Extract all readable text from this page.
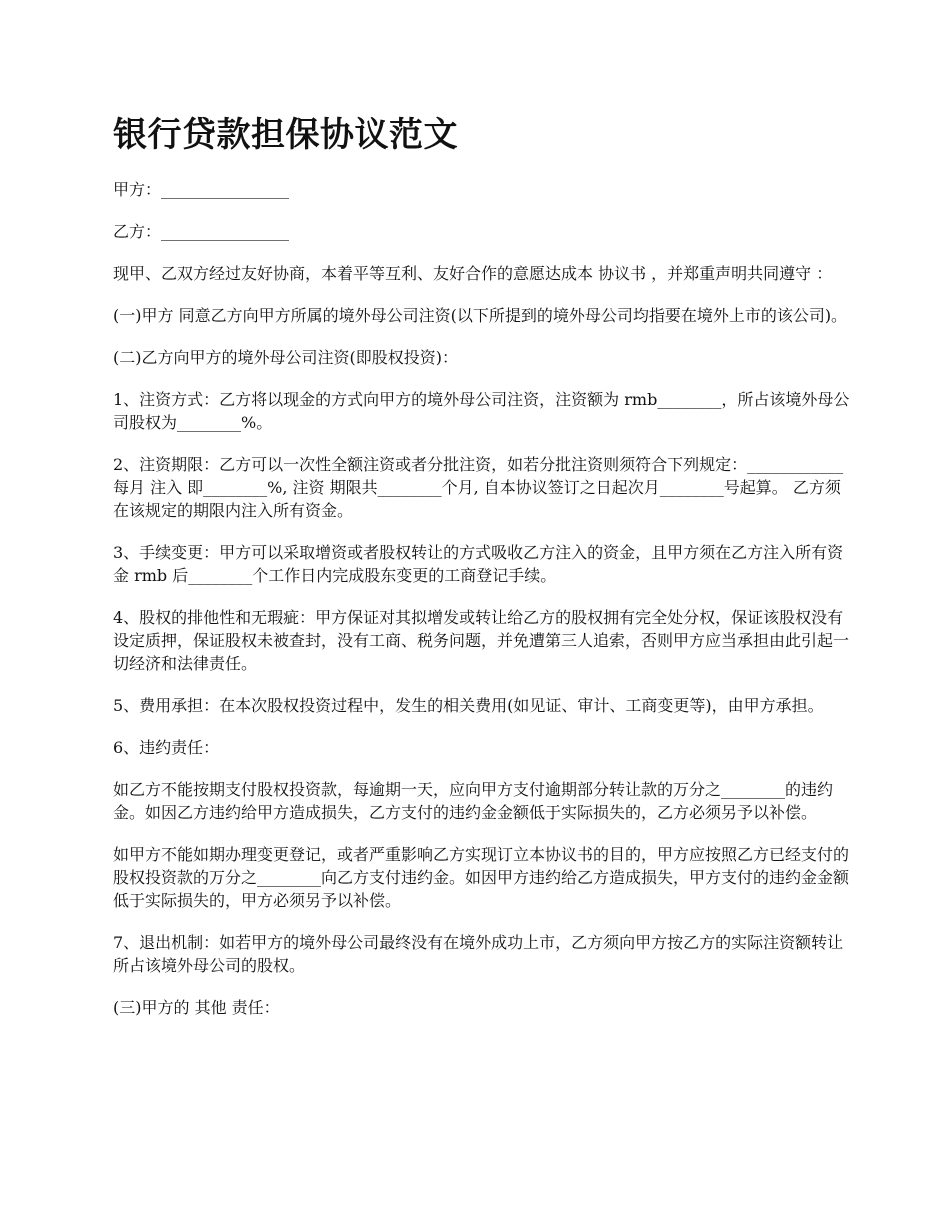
银行贷款担保协议范文

甲方：________________

乙方：________________

现甲、乙双方经过友好协商，本着平等互利、友好合作的意愿达成本 协议书 ，并郑重声明共同遵守 ：

(一)甲方 同意乙方向甲方所属的境外母公司注资(以下所提到的境外母公司均指要在境外上市的该公司)。

(二)乙方向甲方的境外母公司注资(即股权投资)：

1、注资方式：乙方将以现金的方式向甲方的境外母公司注资，注资额为 rmb________，所占该境外母公司股权为________%。

2、注资期限：乙方可以一次性全额注资或者分批注资，如若分批注资则须符合下列规定：____________ 每月 注入 即________%, 注资 期限共________个月, 自本协议签订之日起次月________号起算。 乙方须在该规定的期限内注入所有资金。

3、手续变更：甲方可以采取增资或者股权转让的方式吸收乙方注入的资金，且甲方须在乙方注入所有资金 rmb 后________个工作日内完成股东变更的工商登记手续。

4、股权的排他性和无瑕疵：甲方保证对其拟增发或转让给乙方的股权拥有完全处分权，保证该股权没有设定质押，保证股权未被查封，没有工商、税务问题，并免遭第三人追索，否则甲方应当承担由此引起一切经济和法律责任。

5、费用承担：在本次股权投资过程中，发生的相关费用(如见证、审计、工商变更等)，由甲方承担。

6、违约责任：

如乙方不能按期支付股权投资款，每逾期一天，应向甲方支付逾期部分转让款的万分之________的违约金。如因乙方违约给甲方造成损失，乙方支付的违约金金额低于实际损失的，乙方必须另予以补偿。

如甲方不能如期办理变更登记，或者严重影响乙方实现订立本协议书的目的，甲方应按照乙方已经支付的股权投资款的万分之________向乙方支付违约金。如因甲方违约给乙方造成损失，甲方支付的违约金金额低于实际损失的，甲方必须另予以补偿。

7、退出机制：如若甲方的境外母公司最终没有在境外成功上市，乙方须向甲方按乙方的实际注资额转让所占该境外母公司的股权。

(三)甲方的 其他 责任：
